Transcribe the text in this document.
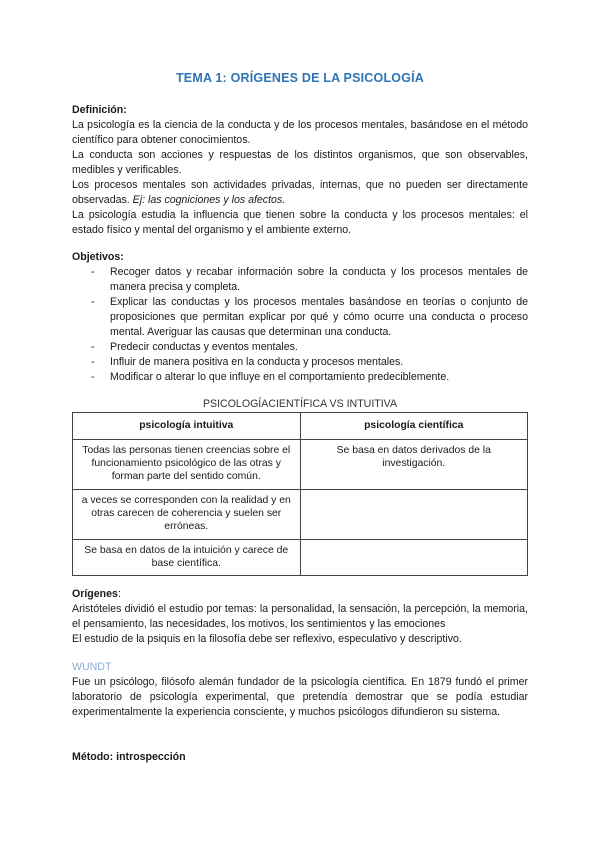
TEMA 1: ORÍGENES DE LA PSICOLOGÍA

Definición:

La psicología es la ciencia de la conducta y de los procesos mentales, basándose en el método científico para obtener conocimientos.

La conducta son acciones y respuestas de los distintos organismos, que son observables, medibles y verificables.

Los procesos mentales son actividades privadas, internas, que no pueden ser directamente observadas. Ej: las cogniciones y los afectos.

La psicología estudia la influencia que tienen sobre la conducta y los procesos mentales: el estado físico y mental del organismo y el ambiente externo.

Objetivos:

- Recoger datos y recabar información sobre la conducta y los procesos mentales de manera precisa y completa.
- Explicar las conductas y los procesos mentales basándose en teorías o conjunto de proposiciones que permitan explicar por qué y cómo ocurre una conducta o proceso mental. Averiguar las causas que determinan una conducta.
- Predecir conductas y eventos mentales.
- Influir de manera positiva en la conducta y procesos mentales.
- Modificar o alterar lo que influye en el comportamiento predeciblemente.
PSICOLOGÍACIENTÍFICA VS INTUITIVA
psicología intuitiva	psicología científica
Todas las personas tienen creencias sobre el funcionamiento psicológico de las otras y forman parte del sentido común.	Se basa en datos derivados de la investigación.
a veces se corresponden con la realidad y en otras carecen de coherencia y suelen ser erróneas.	
Se basa en datos de la intuición y carece de base científica.	

Orígenes:

Aristóteles dividió el estudio por temas: la personalidad, la sensación, la percepción, la memoria, el pensamiento, las necesidades, los motivos, los sentimientos y las emociones

El estudio de la psiquis en la filosofía debe ser reflexivo, especulativo y descriptivo.

WUNDT

Fue un psicólogo, filósofo alemán fundador de la psicología científica. En 1879 fundó el primer laboratorio de psicología experimental, que pretendía demostrar que se podía estudiar experimentalmente la experiencia consciente, y muchos psicólogos difundieron su sistema.

Método: introspección
